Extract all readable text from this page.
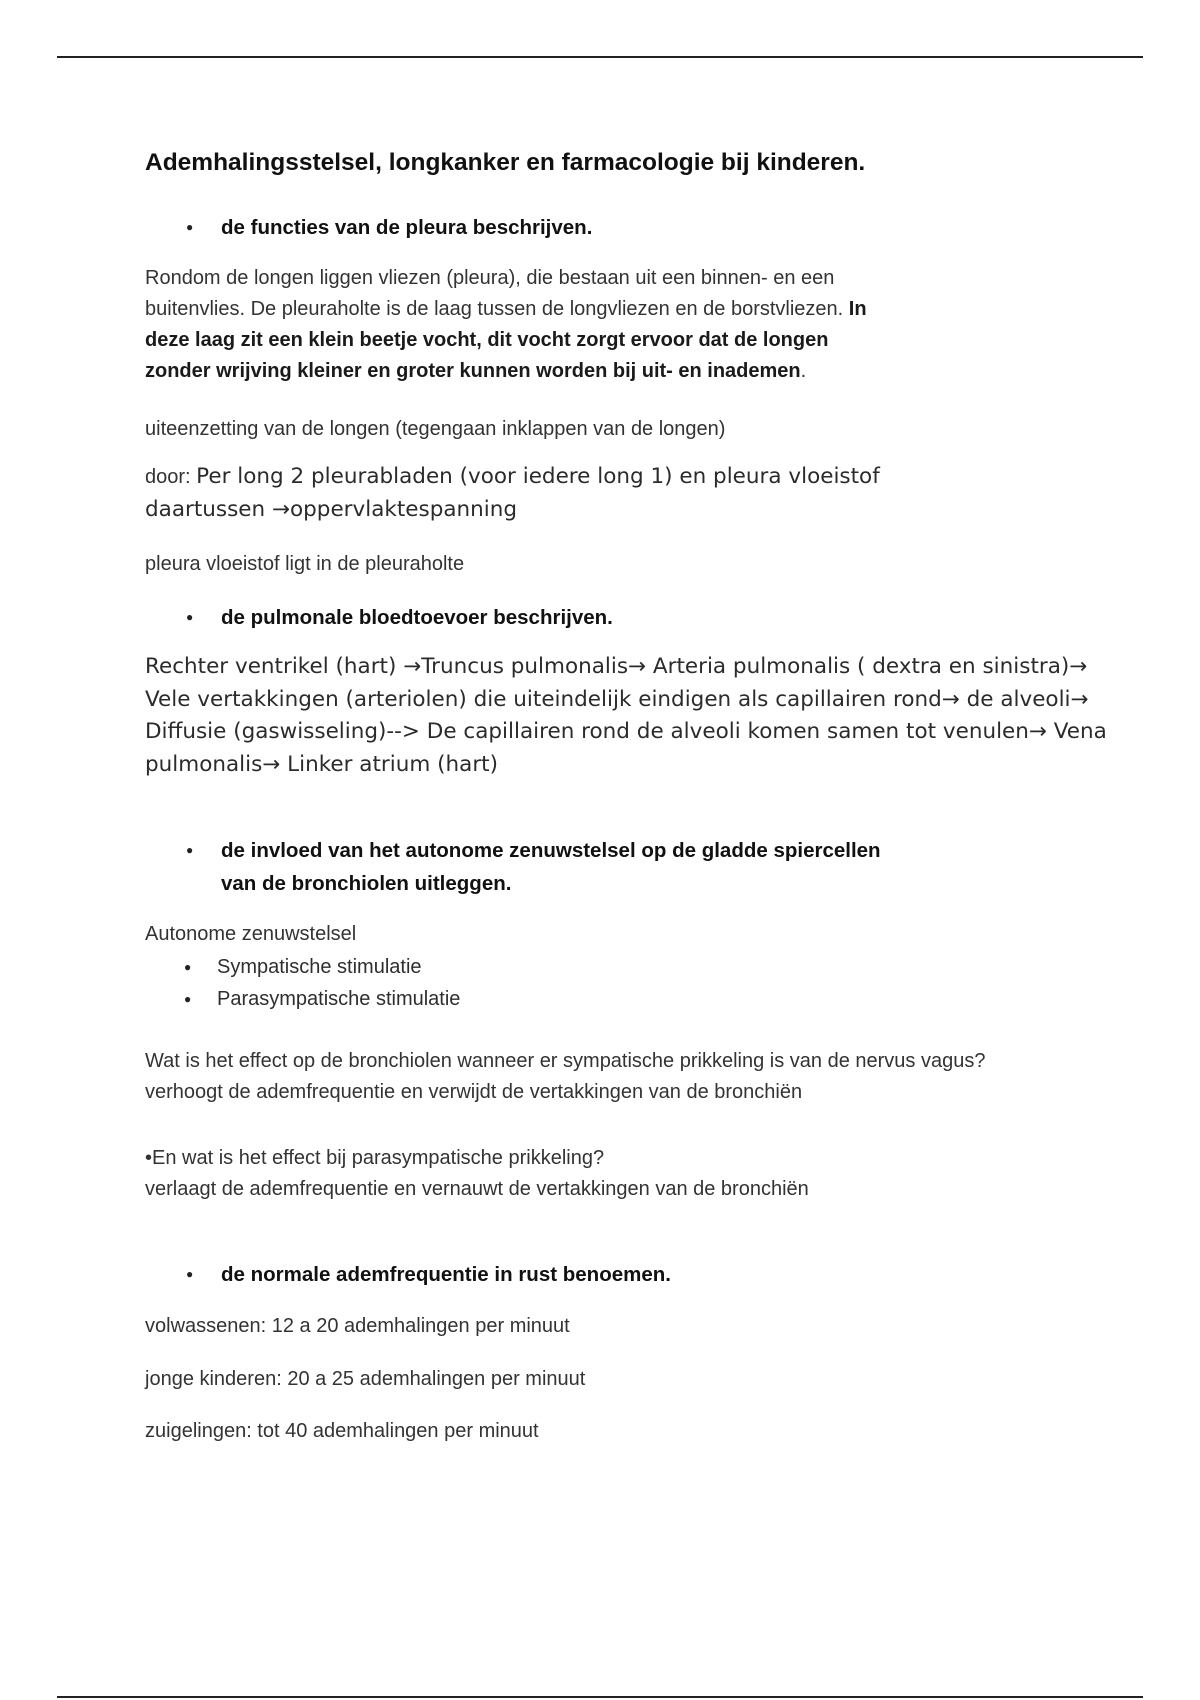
Ademhalingsstelsel, longkanker en farmacologie bij kinderen.
● de functies van de pleura beschrijven.
Rondom de longen liggen vliezen (pleura), die bestaan uit een binnen- en een
buitenvlies. De pleuraholte is de laag tussen de longvliezen en de borstvliezen. In
deze laag zit een klein beetje vocht, dit vocht zorgt ervoor dat de longen
zonder wrijving kleiner en groter kunnen worden bij uit- en inademen.
uiteenzetting van de longen (tegengaan inklappen van de longen)
door: Per long 2 pleurabladen (voor iedere long 1) en pleura vloeistof
daartussen →oppervlaktespanning
pleura vloeistof ligt in de pleuraholte
● de pulmonale bloedtoevoer beschrijven.
Rechter ventrikel (hart) →Truncus pulmonalis→ Arteria pulmonalis ( dextra en sinistra)→
Vele vertakkingen (arteriolen) die uiteindelijk eindigen als capillairen rond→ de alveoli→
Diffusie (gaswisseling)--> De capillairen rond de alveoli komen samen tot venulen→ Vena
pulmonalis→ Linker atrium (hart)
● de invloed van het autonome zenuwstelsel op de gladde spiercellen
van de bronchiolen uitleggen.
Autonome zenuwstelsel
● Sympatische stimulatie
● Parasympatische stimulatie
Wat is het effect op de bronchiolen wanneer er sympatische prikkeling is van de nervus vagus?
verhoogt de ademfrequentie en verwijdt de vertakkingen van de bronchiën
•En wat is het effect bij parasympatische prikkeling?
verlaagt de ademfrequentie en vernauwt de vertakkingen van de bronchiën
● de normale ademfrequentie in rust benoemen.
volwassenen: 12 a 20 ademhalingen per minuut
jonge kinderen: 20 a 25 ademhalingen per minuut
zuigelingen: tot 40 ademhalingen per minuut
